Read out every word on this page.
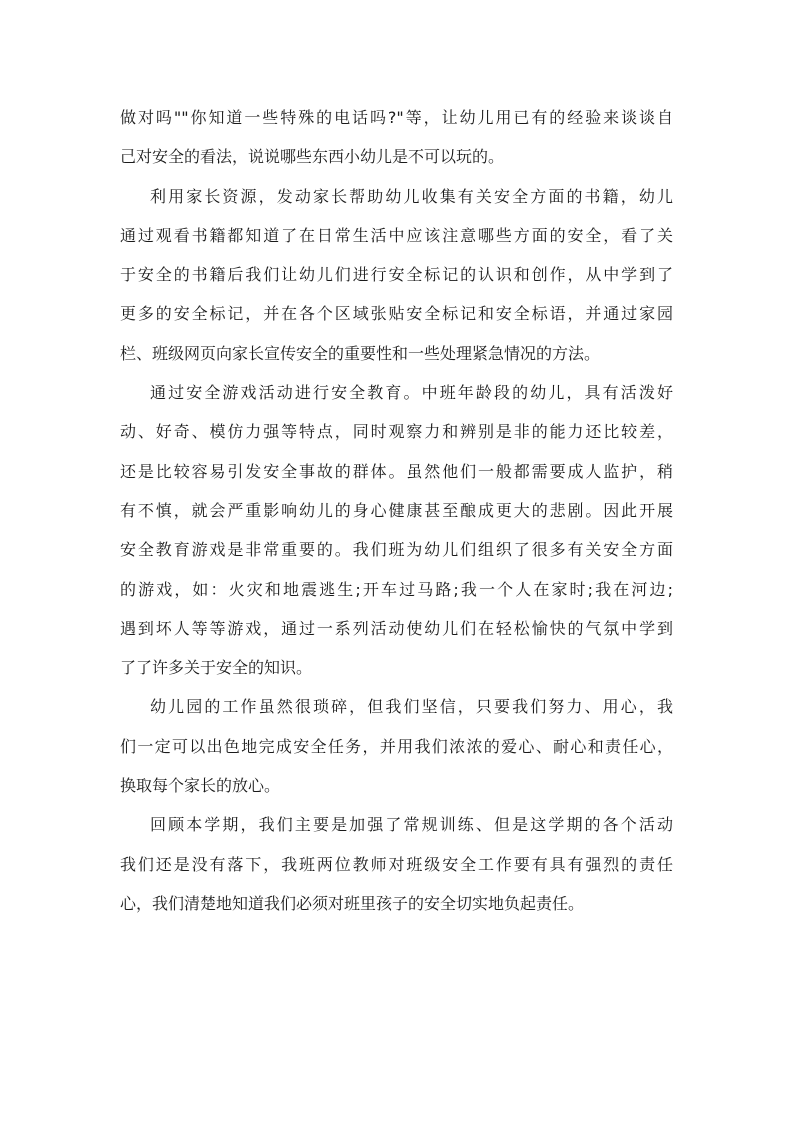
做对吗""你知道一些特殊的电话吗?"等，让幼儿用已有的经验来谈谈自
己对安全的看法，说说哪些东西小幼儿是不可以玩的。
利用家长资源，发动家长帮助幼儿收集有关安全方面的书籍，幼儿
通过观看书籍都知道了在日常生活中应该注意哪些方面的安全，看了关
于安全的书籍后我们让幼儿们进行安全标记的认识和创作，从中学到了
更多的安全标记，并在各个区域张贴安全标记和安全标语，并通过家园
栏、班级网页向家长宣传安全的重要性和一些处理紧急情况的方法。
通过安全游戏活动进行安全教育。中班年龄段的幼儿，具有活泼好
动、好奇、模仿力强等特点，同时观察力和辨别是非的能力还比较差，
还是比较容易引发安全事故的群体。虽然他们一般都需要成人监护，稍
有不慎，就会严重影响幼儿的身心健康甚至酿成更大的悲剧。因此开展
安全教育游戏是非常重要的。我们班为幼儿们组织了很多有关安全方面
的游戏，如：火灾和地震逃生;开车过马路;我一个人在家时;我在河边;
遇到坏人等等游戏，通过一系列活动使幼儿们在轻松愉快的气氛中学到
了了许多关于安全的知识。
幼儿园的工作虽然很琐碎，但我们坚信，只要我们努力、用心，我
们一定可以出色地完成安全任务，并用我们浓浓的爱心、耐心和责任心，
换取每个家长的放心。
回顾本学期，我们主要是加强了常规训练、但是这学期的各个活动
我们还是没有落下，我班两位教师对班级安全工作要有具有强烈的责任
心，我们清楚地知道我们必须对班里孩子的安全切实地负起责任。
